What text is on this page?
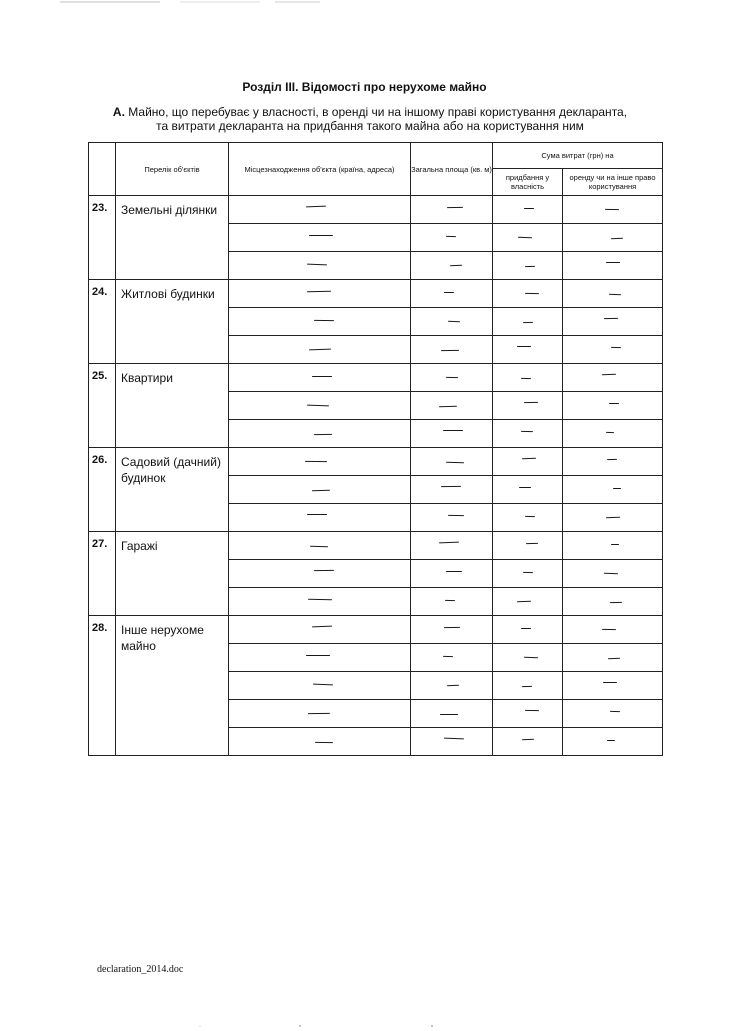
Розділ ІІІ. Відомості про нерухоме майно
А. Майно, що перебуває у власності, в оренді чи на іншому праві користування декларанта,
та витрати декларанта на придбання такого майна або на користування ним
	Перелік об'єктів	Місцезнаходження об'єкта (країна, адреса)	Загальна площа (кв. м)	Сума витрат (грн) на	
				придбання у власність	оренду чи на інше право користування
23.	Земельні ділянки	

24.	Житлові будинки	

25.	Квартири	

26.	Садовий (дачний) будинок	

27.	Гаражі	

28.	Інше нерухоме майно	

declaration_2014.doc
